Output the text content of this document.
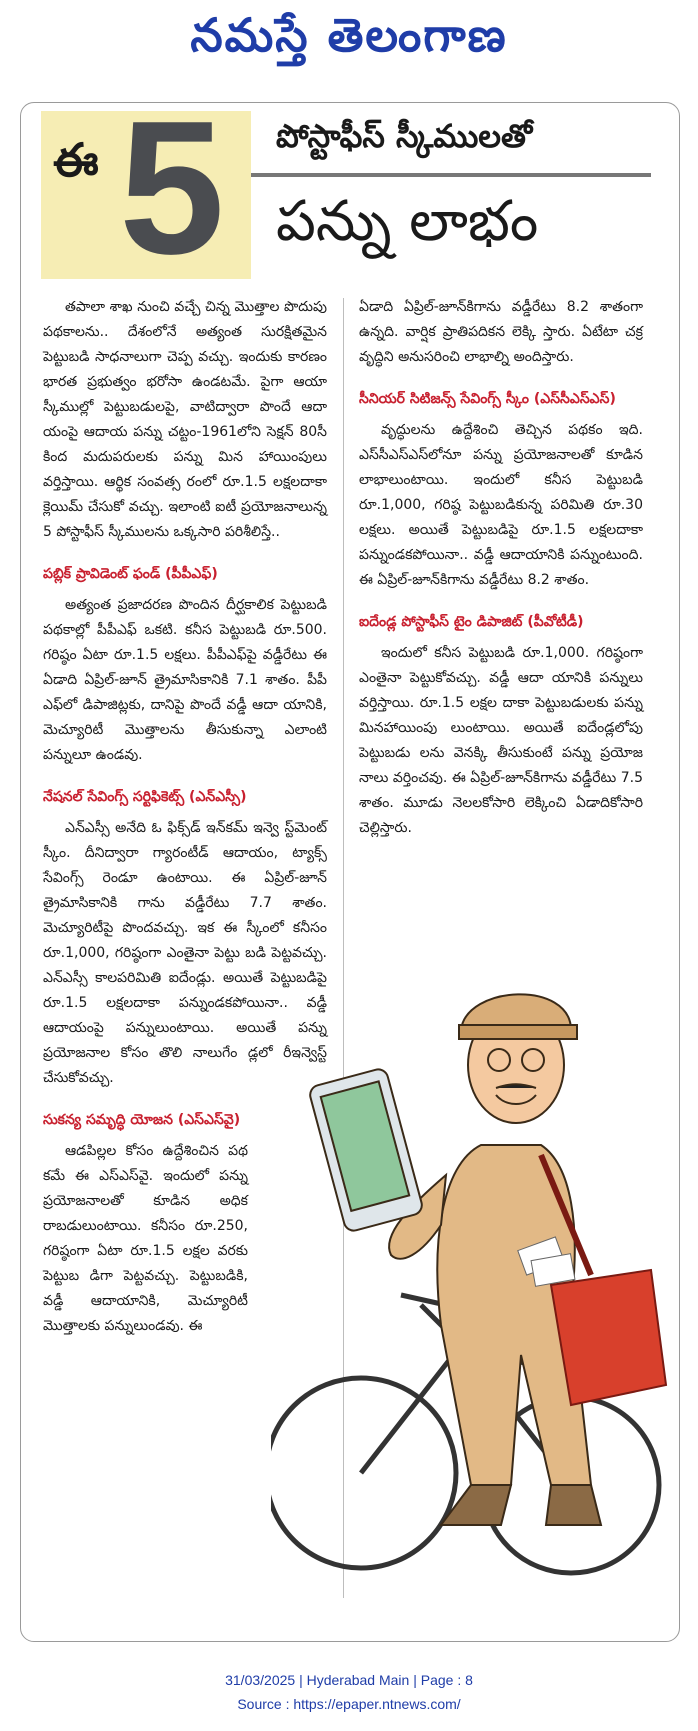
నమస్తే తెలంగాణ
ఈ 5 పోస్టాఫీస్ స్కీములతో
పన్ను లాభం

తపాలా శాఖ నుంచి వచ్చే చిన్న మొత్తాల పొదుపు పథకాలను.. దేశంలోనే అత్యంత సురక్షితమైన పెట్టుబడి సాధనాలుగా చెప్ప వచ్చు. ఇందుకు కారణం భారత ప్రభుత్వం భరోసా ఉండటమే. పైగా ఆయా స్కీముల్లో పెట్టుబడులపై, వాటిద్వారా పొందే ఆదా యంపై ఆదాయ పన్ను చట్టం-1961లోని సెక్షన్ 80సీ కింద మదుపరులకు పన్ను మిన హాయింపులు వర్తిస్తాయి. ఆర్థిక సంవత్స రంలో రూ.1.5 లక్షలదాకా క్లెయిమ్ చేసుకో వచ్చు. ఇలాంటి ఐటీ ప్రయోజనాలున్న 5 పోస్టాఫీస్ స్కీములను ఒక్కసారి పరిశీలిస్తే..

పబ్లిక్ ప్రావిడెంట్ ఫండ్ (పీపీఎఫ్)

అత్యంత ప్రజాదరణ పొందిన దీర్ఘకాలిక పెట్టుబడి పథకాల్లో పీపీఎఫ్ ఒకటి. కనీస పెట్టుబడి రూ.500. గరిష్ఠం ఏటా రూ.1.5 లక్షలు. పీపీఎఫ్‌పై వడ్డీరేటు ఈ ఏడాది ఏప్రిల్-జూన్ త్రైమాసికానికి 7.1 శాతం. పీపీ ఎఫ్‌లో డిపాజిట్లకు, దానిపై పొందే వడ్డీ ఆదా యానికి, మెచ్యూరిటీ మొత్తాలను తీసుకున్నా ఎలాంటి పన్నులూ ఉండవు.

నేషనల్ సేవింగ్స్ సర్టిఫికెట్స్ (ఎన్ఎస్సీ)

ఎన్ఎస్సీ అనేది ఓ ఫిక్స్‌డ్ ఇన్‌కమ్ ఇన్వె స్ట్‌మెంట్ స్కీం. దీనిద్వారా గ్యారంటీడ్ ఆదాయం, ట్యాక్స్ సేవింగ్స్ రెండూ ఉంటాయి. ఈ ఏప్రిల్-జూన్ త్రైమాసికానికి గాను వడ్డీరేటు 7.7 శాతం. మెచ్యూరిటీపై పొందవచ్చు. ఇక ఈ స్కీంలో కనీసం రూ.1,000, గరిష్ఠంగా ఎంతైనా పెట్టు బడి పెట్టవచ్చు. ఎన్ఎస్సీ కాలపరిమితి ఐదేండ్లు. అయితే పెట్టుబడిపై రూ.1.5 లక్షలదాకా పన్నుండకపోయినా.. వడ్డీ ఆదాయంపై పన్నులుంటాయి. అయితే పన్ను ప్రయోజనాల కోసం తొలి నాలుగేం డ్లలో రీఇన్వెస్ట్ చేసుకోవచ్చు.

సుకన్య సమృద్ధి యోజన (ఎస్ఎస్‌వై)

ఆడపిల్లల కోసం ఉద్దేశించిన పథ కమే ఈ ఎస్ఎస్‌వై. ఇందులో పన్ను ప్రయోజనాలతో కూడిన అధిక రాబడులుంటాయి. కనీసం రూ.250, గరిష్ఠంగా ఏటా రూ.1.5 లక్షల వరకు పెట్టుబ డిగా పెట్టవచ్చు. పెట్టుబడికి, వడ్డీ ఆదాయానికి, మెచ్యూరిటీ మొత్తాలకు పన్నులుండవు. ఈ

ఏడాది ఏప్రిల్-జూన్‌కిగాను వడ్డీరేటు 8.2 శాతంగా ఉన్నది. వార్షిక ప్రాతిపదికన లెక్కి స్తారు. ఏటేటా చక్ర వృద్ధిని అనుసరించి లాభాల్ని అందిస్తారు.

సీనియర్ సిటిజన్స్ సేవింగ్స్ స్కీం (ఎస్‌సీఎస్ఎస్)

వృద్ధులను ఉద్దేశించి తెచ్చిన పథకం ఇది. ఎస్‌సీఎస్ఎస్‌లోనూ పన్ను ప్రయోజనాలతో కూడిన లాభాలుంటాయి. ఇందులో కనీస పెట్టుబడి రూ.1,000, గరిష్ఠ పెట్టుబడికున్న పరిమితి రూ.30 లక్షలు. అయితే పెట్టుబడిపై రూ.1.5 లక్షలదాకా పన్నుండకపోయినా.. వడ్డీ ఆదాయానికి పన్నుంటుంది. ఈ ఏప్రిల్-జూన్‌కిగాను వడ్డీరేటు 8.2 శాతం.

ఐదేండ్ల పోస్టాఫీస్ టైం డిపాజిట్ (పీవోటీడీ)

ఇందులో కనీస పెట్టుబడి రూ.1,000. గరిష్ఠంగా ఎంతైనా పెట్టుకోవచ్చు. వడ్డీ ఆదా యానికి పన్నులు వర్తిస్తాయి. రూ.1.5 లక్షల దాకా పెట్టుబడులకు పన్ను మినహాయింపు లుంటాయి. అయితే ఐదేండ్లలోపు పెట్టుబడు లను వెనక్కి తీసుకుంటే పన్ను ప్రయోజ నాలు వర్తించవు. ఈ ఏప్రిల్-జూన్‌కిగాను వడ్డీరేటు 7.5 శాతం. మూడు నెలలకోసారి లెక్కించి ఏడాదికోసారి చెల్లిస్తారు.

31/03/2025 | Hyderabad Main | Page : 8
Source : https://epaper.ntnews.com/
